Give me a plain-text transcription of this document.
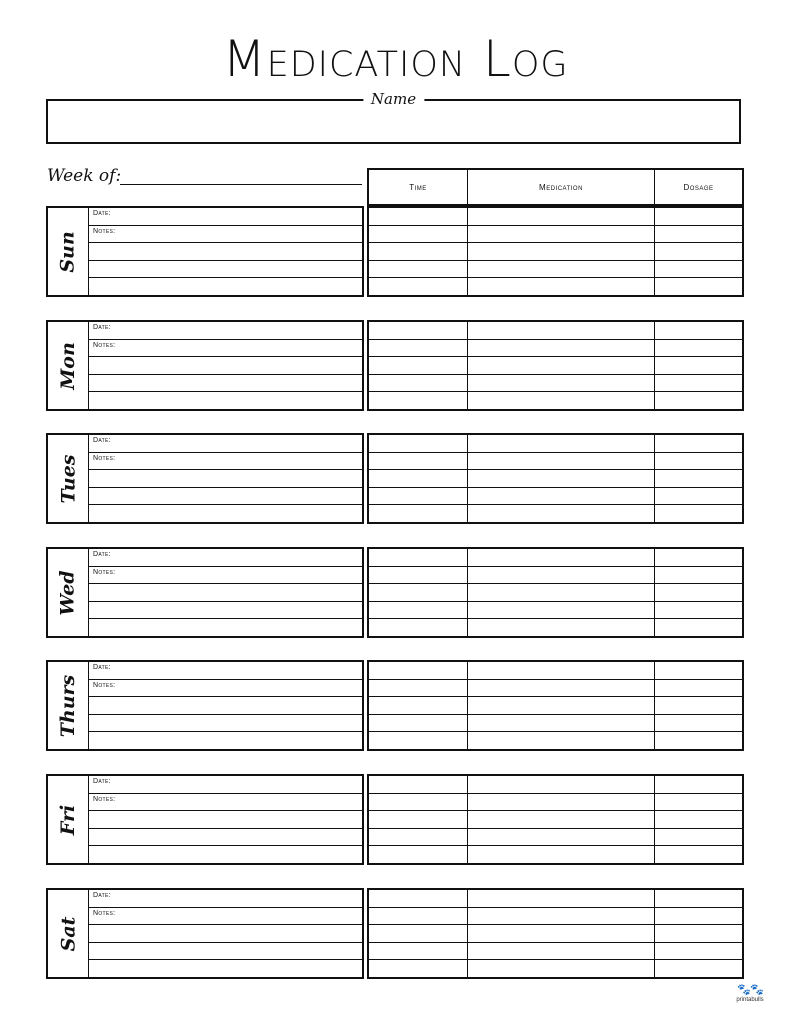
Medication Log
Name
Week of:
Time	Medication	Dosage
Sun
Date:
Notes:
Mon
Date:
Notes:
Tues
Date:
Notes:
Wed
Date:
Notes:
Thurs
Date:
Notes:
Fri
Date:
Notes:
Sat
Date:
Notes:
🐾🐾
printabulls
